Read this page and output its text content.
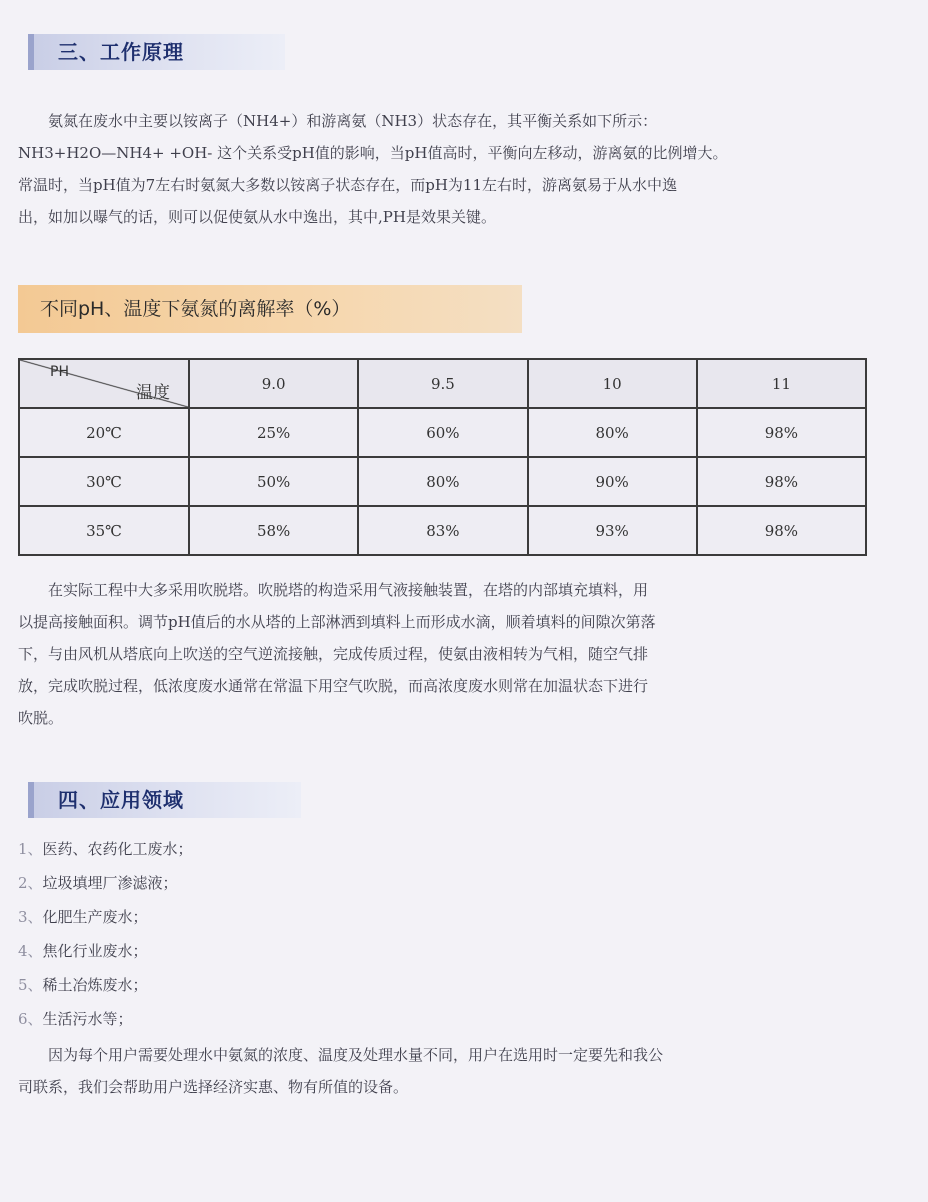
三、工作原理

　　氨氮在废水中主要以铵离子（NH4+）和游离氨（NH3）状态存在，其平衡关系如下所示：
NH3+H2O—NH4+ +OH- 这个关系受pH值的影响，当pH值高时，平衡向左移动，游离氨的比例增大。
常温时，当pH值为7左右时氨氮大多数以铵离子状态存在，而pH为11左右时，游离氨易于从水中逸
出，如加以曝气的话，则可以促使氨从水中逸出，其中,PH是效果关键。

不同pH、温度下氨氮的离解率（%）
PH
温度	9.0	9.5	10	11
20℃	25%	60%	80%	98%
30℃	50%	80%	90%	98%
35℃	58%	83%	93%	98%

　　在实际工程中大多采用吹脱塔。吹脱塔的构造采用气液接触装置，在塔的内部填充填料，用
以提高接触面积。调节pH值后的水从塔的上部淋洒到填料上而形成水滴，顺着填料的间隙次第落
下，与由风机从塔底向上吹送的空气逆流接触，完成传质过程，使氨由液相转为气相，随空气排
放，完成吹脱过程，低浓度废水通常在常温下用空气吹脱，而高浓度废水则常在加温状态下进行
吹脱。

四、应用领域
1、医药、农药化工废水；
2、垃圾填埋厂渗滤液；
3、化肥生产废水；
4、焦化行业废水；
5、稀土冶炼废水；
6、生活污水等；

　　因为每个用户需要处理水中氨氮的浓度、温度及处理水量不同，用户在选用时一定要先和我公
司联系，我们会帮助用户选择经济实惠、物有所值的设备。
